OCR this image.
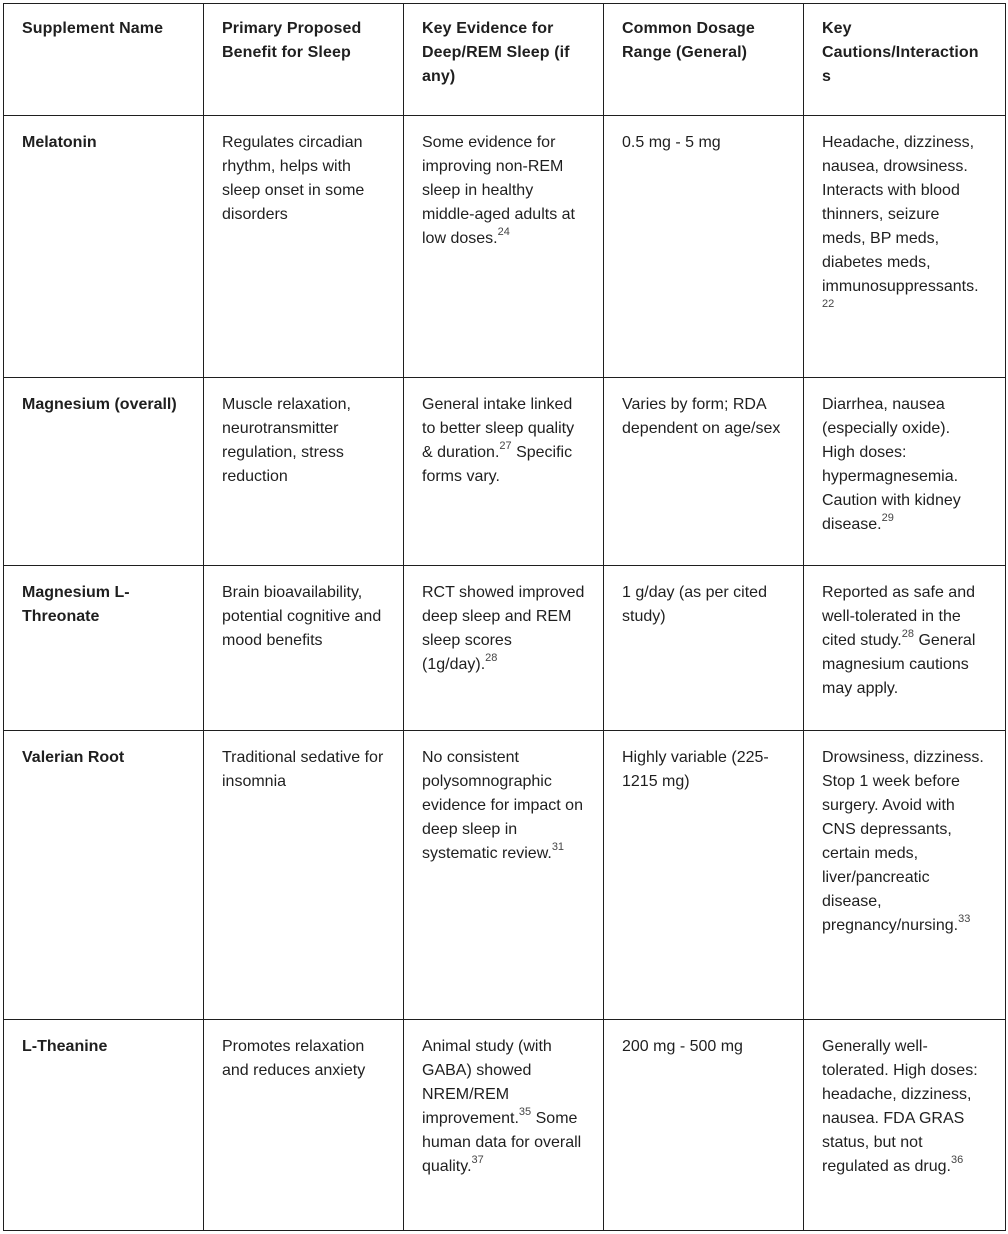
Supplement Name	Primary Proposed Benefit for Sleep	Key Evidence for Deep/REM Sleep (if any)	Common Dosage Range (General)	Key Cautions/Interactions
Melatonin	Regulates circadian rhythm, helps with sleep onset in some disorders	Some evidence for improving non-REM sleep in healthy middle-aged adults at low doses.$^{24}$	0.5 mg - 5 mg	Headache, dizziness, nausea, drowsiness. Interacts with blood thinners, seizure meds, BP meds, diabetes meds, immunosuppressants.$^{22}$
Magnesium (overall)	Muscle relaxation, neurotransmitter regulation, stress reduction	General intake linked to better sleep quality & duration.$^{27}$ Specific forms vary.	Varies by form; RDA dependent on age/sex	Diarrhea, nausea (especially oxide). High doses: hypermagnesemia. Caution with kidney disease.$^{29}$
Magnesium L-Threonate	Brain bioavailability, potential cognitive and mood benefits	RCT showed improved deep sleep and REM sleep scores (1g/day).$^{28}$	1 g/day (as per cited study)	Reported as safe and well-tolerated in the cited study.$^{28}$ General magnesium cautions may apply.
Valerian Root	Traditional sedative for insomnia	No consistent polysomnographic evidence for impact on deep sleep in systematic review.$^{31}$	Highly variable (225-1215 mg)	Drowsiness, dizziness. Stop 1 week before surgery. Avoid with CNS depressants, certain meds, liver/pancreatic disease, pregnancy/nursing.$^{33}$
L-Theanine	Promotes relaxation and reduces anxiety	Animal study (with GABA) showed NREM/REM improvement.$^{35}$ Some human data for overall quality.$^{37}$	200 mg - 500 mg	Generally well-tolerated. High doses: headache, dizziness, nausea. FDA GRAS status, but not regulated as drug.$^{36}$
